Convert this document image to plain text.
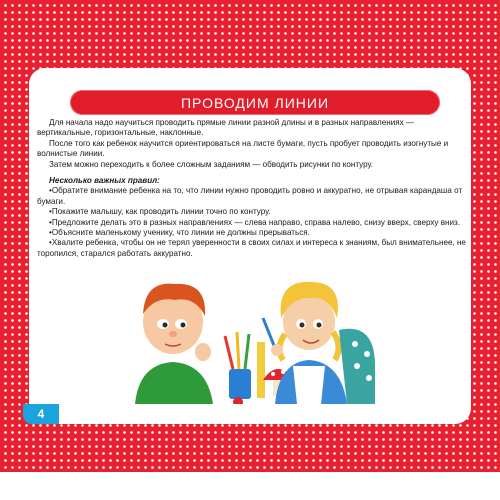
ПРОВОДИМ ЛИНИИ

Для начала надо научиться проводить прямые линии разной длины и в разных направлениях — вертикальные, горизонтальные, наклонные.

После того как ребенок научится ориентироваться на листе бумаги, пусть пробует проводить изогнутые и волнистые линии.

Затем можно переходить к более сложным заданиям — обводить рисунки по контуру.

Несколько важных правил:

• Обратите внимание ребенка на то, что линии нужно проводить ровно и аккуратно, не отрывая карандаша от бумаги.

• Покажите малышу, как проводить линии точно по контуру.

• Предложите делать это в разных направлениях — слева направо, справа налево, снизу вверх, сверху вниз.

• Объясните маленькому ученику, что линии не должны прерываться.

• Хвалите ребенка, чтобы он не терял уверенности в своих силах и интереса к знаниям, был внимательнее, не торопился, старался работать аккуратно.

4
